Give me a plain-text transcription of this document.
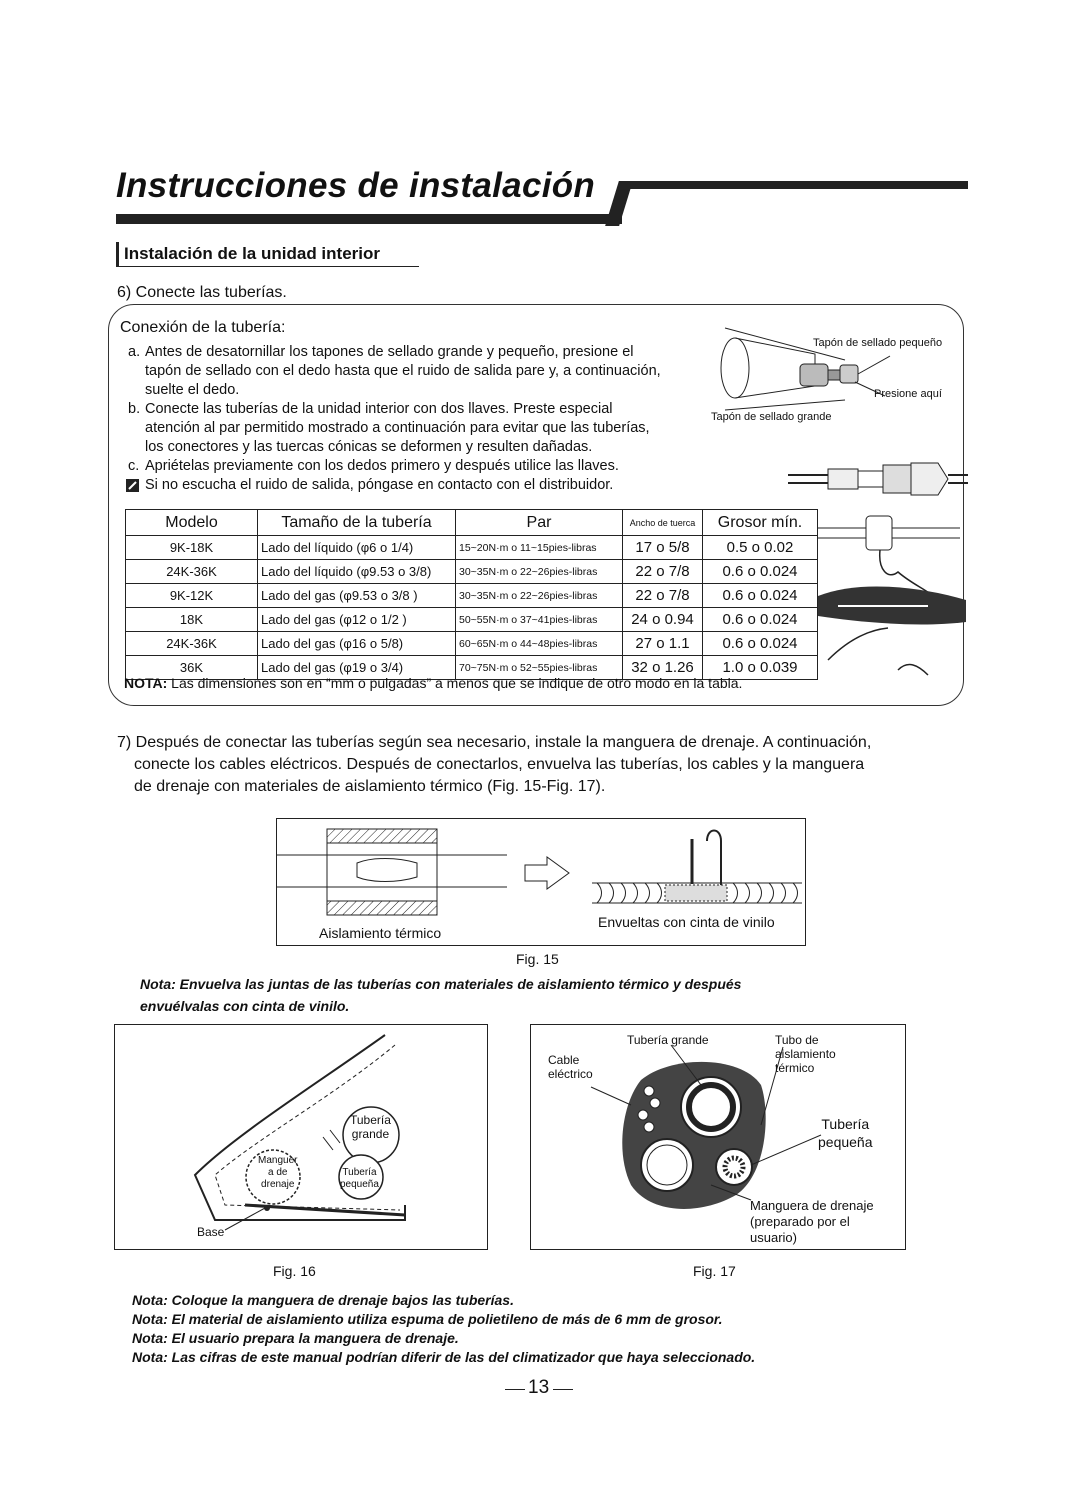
Instrucciones de instalación
Instalación de la unidad interior
6) Conecte las tuberías.
Conexión de la tubería:
a. Antes de desatornillar los tapones de sellado grande y pequeño, presione el
tapón de sellado con el dedo hasta que el ruido de salida pare y, a continuación,
suelte el dedo.
b. Conecte las tuberías de la unidad interior con dos llaves. Preste especial
atención al par permitido mostrado a continuación para evitar que las tuberías,
los conectores y las tuercas cónicas se deformen y resulten dañadas.
c. Apriételas previamente con los dedos primero y después utilice las llaves.
Si no escucha el ruido de salida, póngase en contacto con el distribuidor.
Tapón de sellado pequeño
Presione aquí
Tapón de sellado grande
Modelo	Tamaño de la tubería	Par	Ancho de tuerca	Grosor mín.
9K-18K	Lado del líquido (φ6 o 1/4)	15~20N·m o 11~15pies-libras	17 o 5/8	0.5 o 0.02
24K-36K	Lado del líquido (φ9.53 o 3/8)	30~35N·m o 22~26pies-libras	22 o 7/8	0.6 o 0.024
9K-12K	Lado del gas (φ9.53 o 3/8 )	30~35N·m o 22~26pies-libras	22 o 7/8	0.6 o 0.024
18K	Lado del gas (φ12 o 1/2 )	50~55N·m o 37~41pies-libras	24 o 0.94	0.6 o 0.024
24K-36K	Lado del gas (φ16 o 5/8)	60~65N·m o 44~48pies-libras	27 o 1.1	0.6 o 0.024
36K	Lado del gas (φ19 o 3/4)	70~75N·m o 52~55pies-libras	32 o 1.26	1.0 o 0.039
NOTA: Las dimensiones son en “mm o pulgadas” a menos que se indique de otro modo en la tabla.
7) Después de conectar las tuberías según sea necesario, instale la manguera de drenaje. A continuación,
conecte los cables eléctricos. Después de conectarlos, envuelva las tuberías, los cables y la manguera
de drenaje con materiales de aislamiento térmico (Fig. 15-Fig. 17).
Aislamiento térmico
Envueltas con cinta de vinilo
Fig. 15
Nota: Envuelva las juntas de las tuberías con materiales de aislamiento térmico y después
envuélvalas con cinta de vinilo.
Tubería
grande
Manguer
a de
drenaje
Tubería
pequeña
Base
Fig. 16
Cable
eléctrico
Tubería grande	Tubo de
aislamiento
térmico
Tubería
pequeña
Manguera de drenaje
(preparado por el
usuario)
Fig. 17
Nota: Coloque la manguera de drenaje bajos las tuberías.
Nota: El material de aislamiento utiliza espuma de polietileno de más de 6 mm de grosor.
Nota: El usuario prepara la manguera de drenaje.
Nota: Las cifras de este manual podrían diferir de las del climatizador que haya seleccionado.
13
